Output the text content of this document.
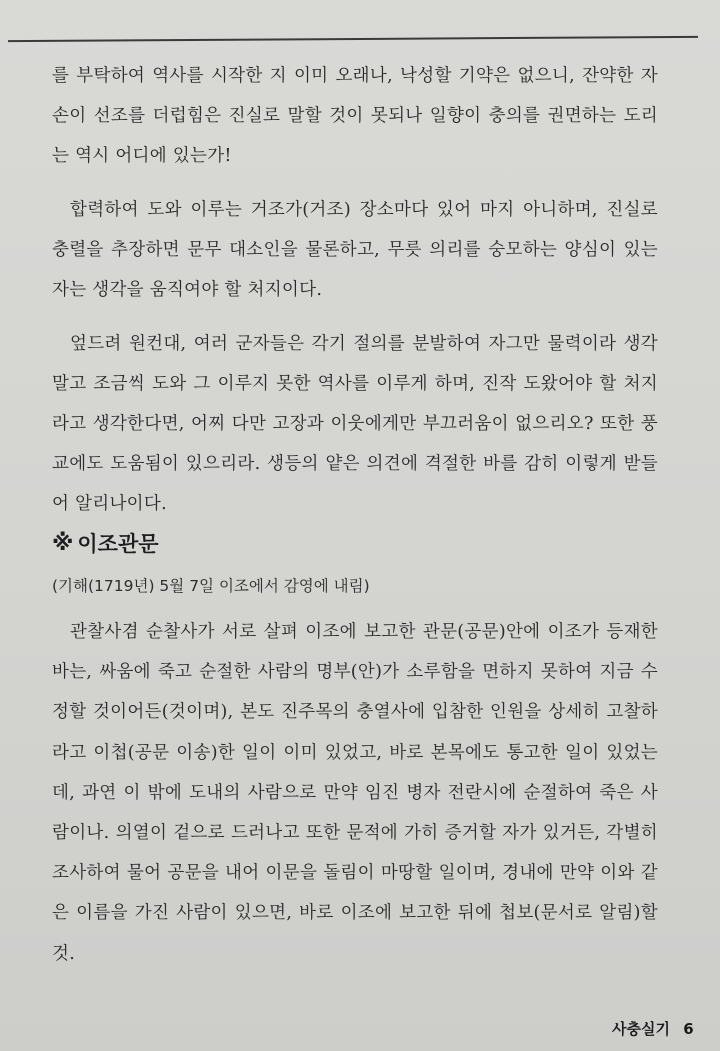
를 부탁하여 역사를 시작한 지 이미 오래나, 낙성할 기약은 없으니, 잔약한 자손이 선조를 더럽힘은 진실로 말할 것이 못되나 일향이 충의를 권면하는 도리는 역시 어디에 있는가!

합력하여 도와 이루는 거조가(거조) 장소마다 있어 마지 아니하며, 진실로 충렬을 추장하면 문무 대소인을 물론하고, 무릇 의리를 숭모하는 양심이 있는자는 생각을 움직여야 할 처지이다.

엎드려 원컨대, 여러 군자들은 각기 절의를 분발하여 자그만 물력이라 생각말고 조금씩 도와 그 이루지 못한 역사를 이루게 하며, 진작 도왔어야 할 처지라고 생각한다면, 어찌 다만 고장과 이웃에게만 부끄러움이 없으리오? 또한 풍교에도 도움됨이 있으리라. 생등의 얕은 의견에 격절한 바를 감히 이렇게 받들어 알리나이다.

※ 이조관문
(기해(1719년) 5월 7일 이조에서 감영에 내림)

관찰사겸 순찰사가 서로 살펴 이조에 보고한 관문(공문)안에 이조가 등재한 바는, 싸움에 죽고 순절한 사람의 명부(안)가 소루함을 면하지 못하여 지금 수정할 것이어든(것이며), 본도 진주목의 충열사에 입참한 인원을 상세히 고찰하라고 이첩(공문 이송)한 일이 이미 있었고, 바로 본목에도 통고한 일이 있었는데, 과연 이 밖에 도내의 사람으로 만약 임진 병자 전란시에 순절하여 죽은 사람이나. 의열이 겉으로 드러나고 또한 문적에 가히 증거할 자가 있거든, 각별히 조사하여 물어 공문을 내어 이문을 돌림이 마땅할 일이며, 경내에 만약 이와 같은 이름을 가진 사람이 있으면, 바로 이조에 보고한 뒤에 첩보(문서로 알림)할 것.

사충실기 6
